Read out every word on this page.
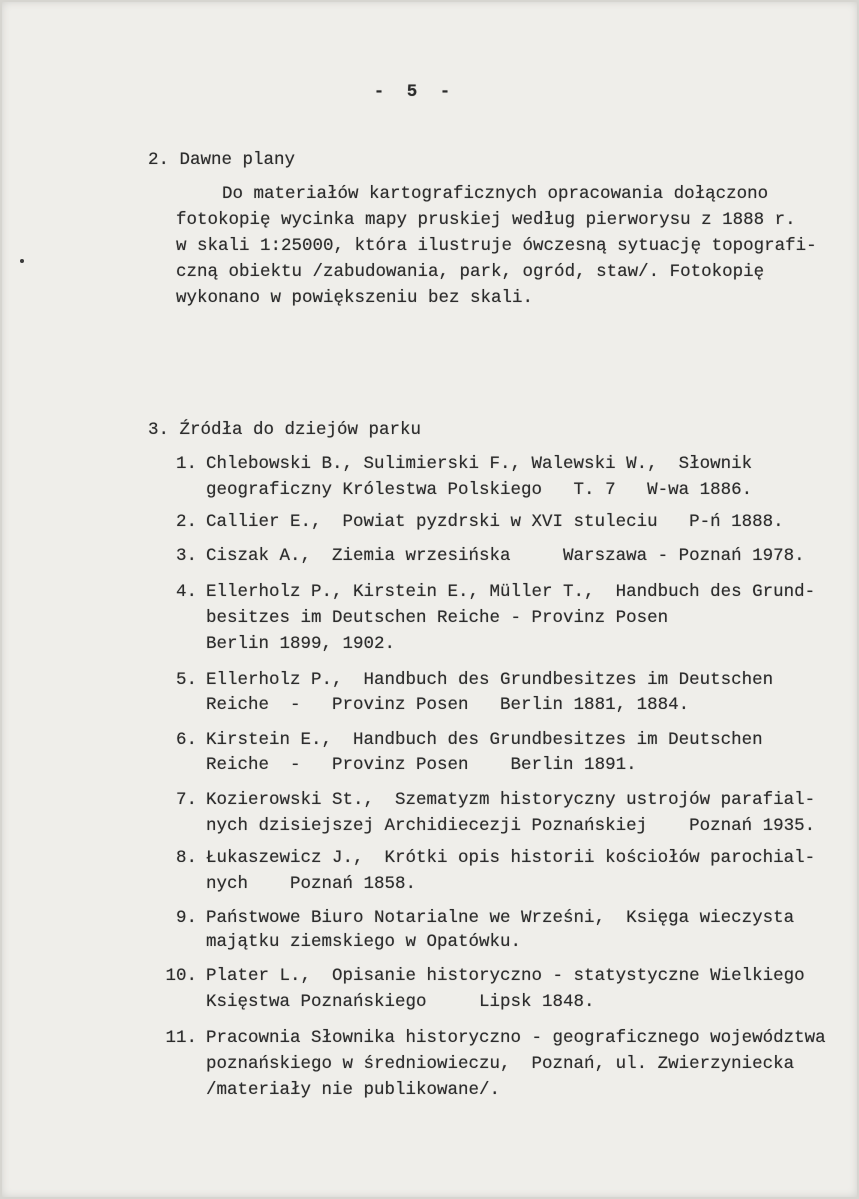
- 5 -
2. Dawne plany
Do materiałów kartograficznych opracowania dołączono
fotokopię wycinka mapy pruskiej według pierworysu z 1888 r.
w skali 1:25000, która ilustruje ówczesną sytuację topografi-
czną obiektu /zabudowania, park, ogród, staw/. Fotokopię
wykonano w powiększeniu bez skali.
3. Źródła do dziejów parku
1. Chlebowski B., Sulimierski F., Walewski W.,  Słownik
geograficzny Królestwa Polskiego   T. 7   W-wa 1886.
2. Callier E.,  Powiat pyzdrski w XVI stuleciu   P-ń 1888.
3. Ciszak A.,  Ziemia wrzesińska     Warszawa - Poznań 1978.
4. Ellerholz P., Kirstein E., Müller T.,  Handbuch des Grund-
besitzes im Deutschen Reiche - Provinz Posen
Berlin 1899, 1902.
5. Ellerholz P.,  Handbuch des Grundbesitzes im Deutschen
Reiche  -   Provinz Posen   Berlin 1881, 1884.
6. Kirstein E.,  Handbuch des Grundbesitzes im Deutschen
Reiche  -   Provinz Posen    Berlin 1891.
7. Kozierowski St.,  Szematyzm historyczny ustrojów parafial-
nych dzisiejszej Archidiecezji Poznańskiej    Poznań 1935.
8. Łukaszewicz J.,  Krótki opis historii kościołów parochial-
nych    Poznań 1858.
9. Państwowe Biuro Notarialne we Wrześni,  Księga wieczysta
majątku ziemskiego w Opatówku.
10. Plater L.,  Opisanie historyczno - statystyczne Wielkiego
Księstwa Poznańskiego     Lipsk 1848.
11. Pracownia Słownika historyczno - geograficznego województwa
poznańskiego w średniowieczu,  Poznań, ul. Zwierzyniecka
/materiały nie publikowane/.
